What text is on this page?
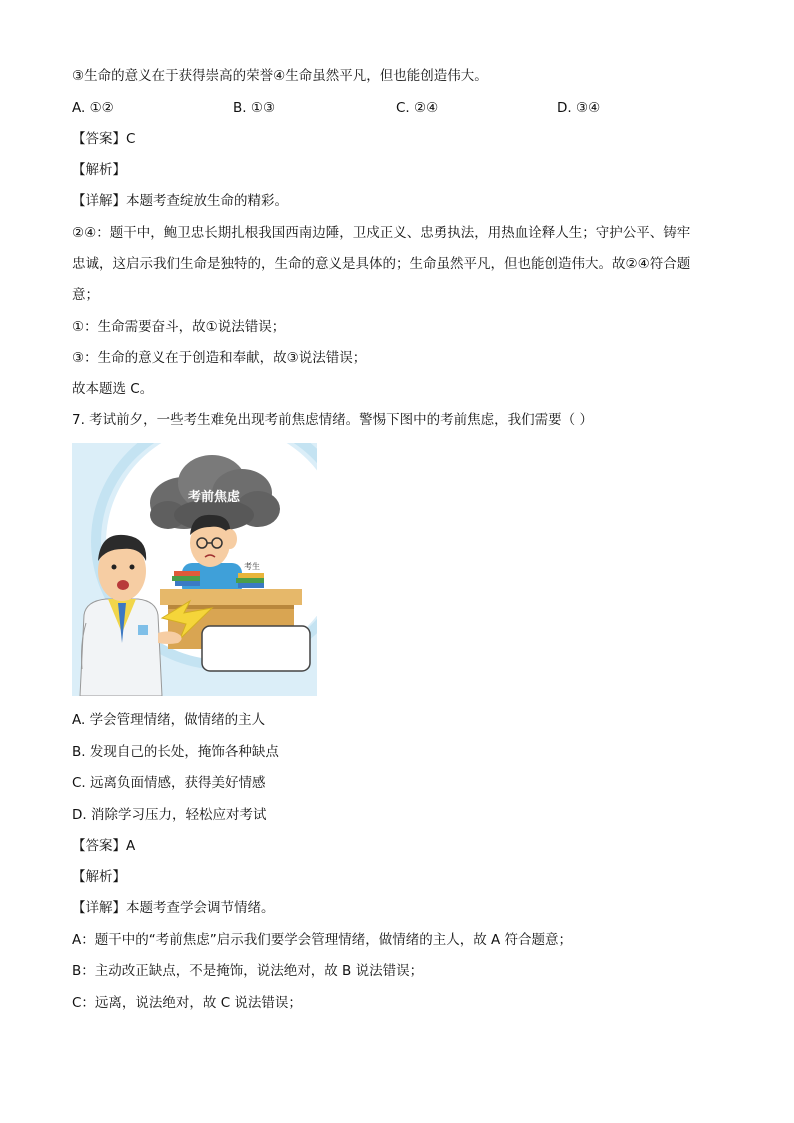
③生命的意义在于获得崇高的荣誉④生命虽然平凡，但也能创造伟大。
A. ①②	B. ①③	C. ②④	D. ③④
【答案】C
【解析】
【详解】本题考查绽放生命的精彩。
②④：题干中，鲍卫忠长期扎根我国西南边陲，卫戍正义、忠勇执法，用热血诠释人生；守护公平、铸牢
忠诚，这启示我们生命是独特的，生命的意义是具体的；生命虽然平凡，但也能创造伟大。故②④符合题
意；
①：生命需要奋斗，故①说法错误；
③：生命的意义在于创造和奉献，故③说法错误；
故本题选 C。
7. 考试前夕，一些考生难免出现考前焦虑情绪。警惕下图中的考前焦虑，我们需要（ ）
考前焦虑
考生
A. 学会管理情绪，做情绪的主人
B. 发现自己的长处，掩饰各种缺点
C. 远离负面情感，获得美好情感
D. 消除学习压力，轻松应对考试
【答案】A
【解析】
【详解】本题考查学会调节情绪。
A：题干中的“考前焦虑”启示我们要学会管理情绪，做情绪的主人，故 A 符合题意；
B：主动改正缺点，不是掩饰，说法绝对，故 B 说法错误；
C：远离，说法绝对，故 C 说法错误；
